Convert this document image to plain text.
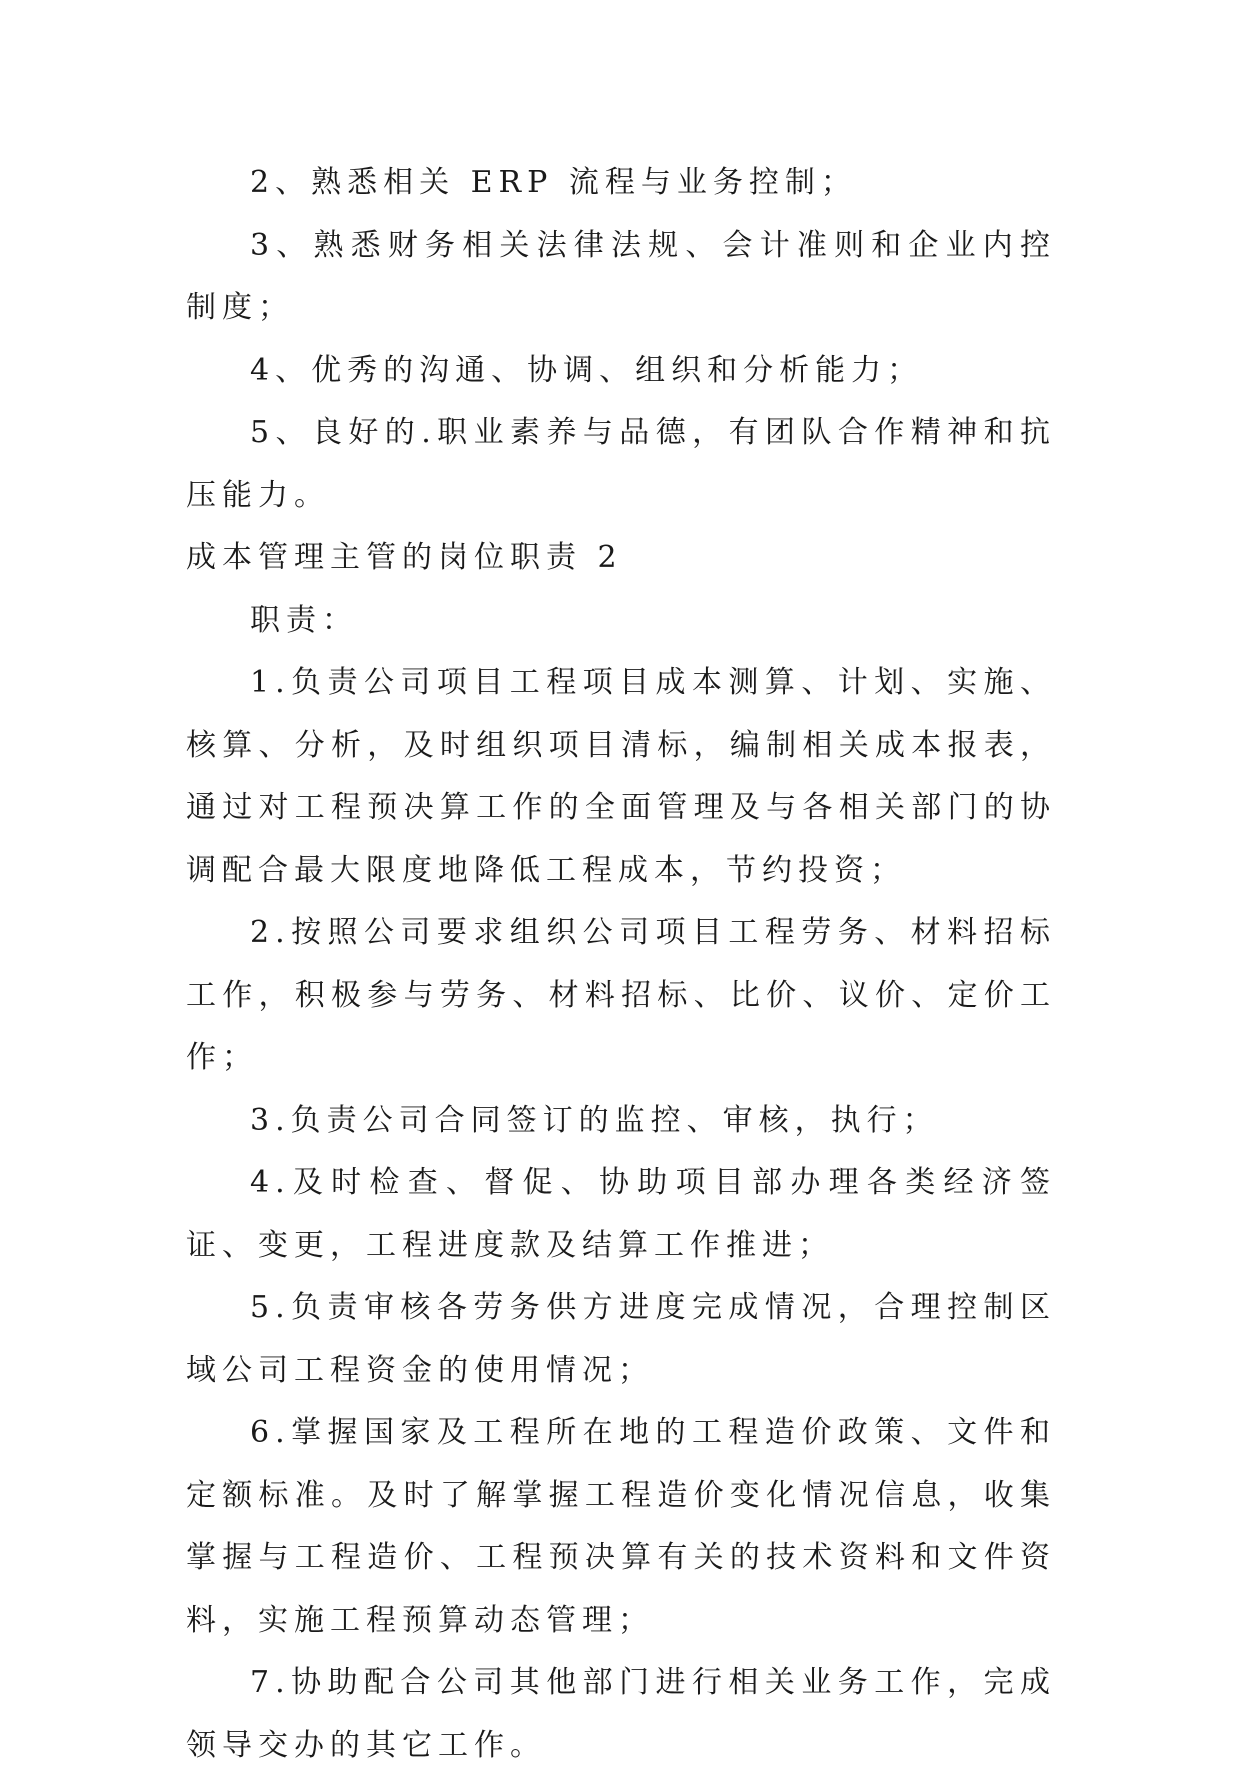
2、熟悉相关 ERP 流程与业务控制；

3、熟悉财务相关法律法规、会计准则和企业内控制度；

4、优秀的沟通、协调、组织和分析能力；

5、良好的.职业素养与品德，有团队合作精神和抗压能力。

成本管理主管的岗位职责 2

职责：

1.负责公司项目工程项目成本测算、计划、实施、核算、分析，及时组织项目清标，编制相关成本报表，通过对工程预决算工作的全面管理及与各相关部门的协调配合最大限度地降低工程成本，节约投资；

2.按照公司要求组织公司项目工程劳务、材料招标工作，积极参与劳务、材料招标、比价、议价、定价工作；

3.负责公司合同签订的监控、审核，执行；

4.及时检查、督促、协助项目部办理各类经济签证、变更，工程进度款及结算工作推进；

5.负责审核各劳务供方进度完成情况，合理控制区域公司工程资金的使用情况；

6.掌握国家及工程所在地的工程造价政策、文件和定额标准。及时了解掌握工程造价变化情况信息，收集掌握与工程造价、工程预决算有关的技术资料和文件资料，实施工程预算动态管理；

7.协助配合公司其他部门进行相关业务工作，完成领导交办的其它工作。
